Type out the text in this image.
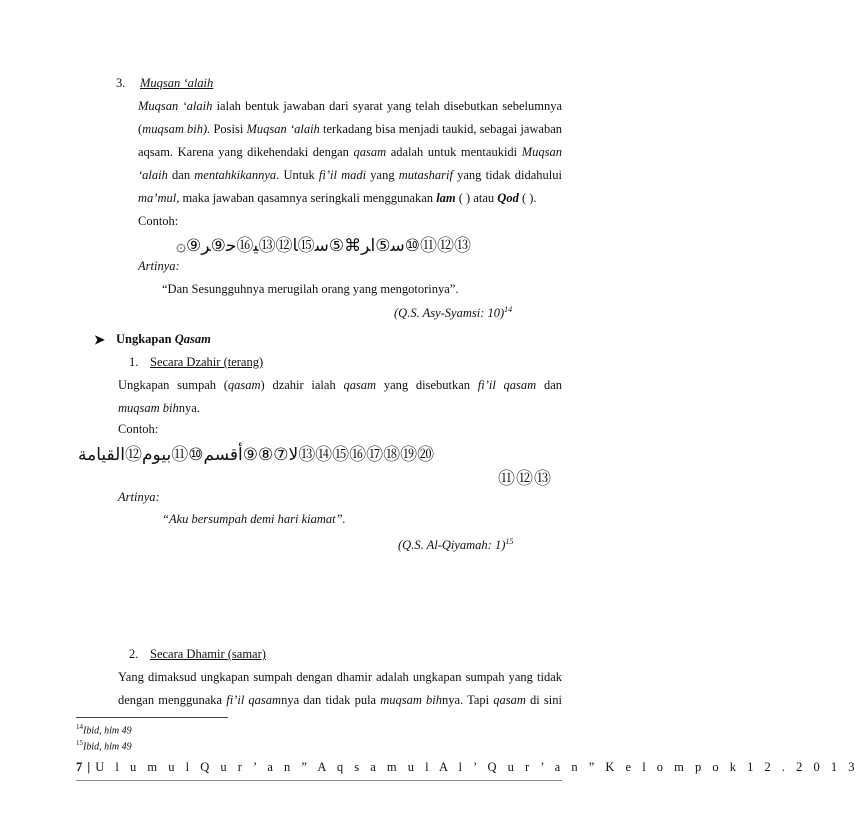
3. Muqsan ‘alaih
Muqsan ‘alaih ialah bentuk jawaban dari syarat yang telah disebutkan sebelumnya
(muqsam bih). Posisi Muqsan ‘alaih terkadang bisa menjadi taukid, sebagai jawaban
aqsam. Karena yang dikehendaki dengan qasam adalah untuk mentaukidi Muqsan
‘alaih dan mentahkikannya. Untuk fi’il madi yang mutasharif yang tidak didahului
ma’mul, maka jawaban qasamnya seringkali menggunakan lam ( ) atau Qod ( ).
Contoh:
۞⑨ﺳ⑤ﺍﺮ⌘⑤ﺳ⑮ﺎ⑫⑬ﻴ⑯ﺣ⑨ﺮ⑩⑪⑫⑬
Artinya:
“Dan Sesungguhnya merugilah orang yang mengotorinya”.
(Q.S. Asy-Syamsi: 10)$^{14}$
➤ Ungkapan Qasam
1. Secara Dzahir (terang)
Ungkapan sumpah (qasam) dzahir ialah qasam yang disebutkan fi’il qasam dan
muqsam bihnya.
Contoh:
ﻻ⑦⑧⑨ﺃﻗﺴﻢ⑩⑪ﺑﻴﻮﻡ⑫ﺍﻟﻘﻴﺎﻣﺔ⑬⑭⑮⑯⑰⑱⑲⑳
⑪⑫⑬
Artinya:
“Aku bersumpah demi hari kiamat”.
(Q.S. Al-Qiyamah: 1)$^{15}$
2. Secara Dhamir (samar)
Yang dimaksud ungkapan sumpah dengan dhamir adalah ungkapan sumpah yang tidak
dengan menggunaka fi’il qasamnya dan tidak pula muqsam bihnya. Tapi qasam di sini
$^{14}$Ibid, hlm 49
$^{15}$Ibid, hlm 49
7 | U l u m u l Q u r ’ a n ” A q s a m u l A l ’ Q u r ’ a n ” K e l o m p o k 1 2 . 2 0 1 3
